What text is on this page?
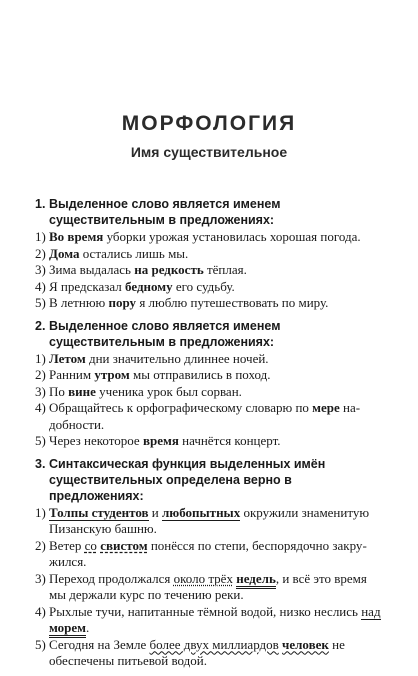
МОРФОЛОГИЯ
Имя существительное
1. Выделенное слово является именем существительным в предложениях:
1) Во время уборки урожая установилась хорошая погода.
2) Дома остались лишь мы.
3) Зима выдалась на редкость тёплая.
4) Я предсказал бедному его судьбу.
5) В летнюю пору я люблю путешествовать по миру.
2. Выделенное слово является именем существительным в предложениях:
1) Летом дни значительно длиннее ночей.
2) Ранним утром мы отправились в поход.
3) По вине ученика урок был сорван.
4) Обращайтесь к орфографическому словарю по мере надобности.
5) Через некоторое время начнётся концерт.
3. Синтаксическая функция выделенных имён существительных определена верно в предложениях:
1) Толпы студентов и любопытных окружили знаменитую Пизанскую башню.
2) Ветер со свистом понёсся по степи, беспорядочно закружился.
3) Переход продолжался около трёх недель, и всё это время мы держали курс по течению реки.
4) Рыхлые тучи, напитанные тёмной водой, низко неслись над морем.
5) Сегодня на Земле более двух миллиардов человек не обеспечены питьевой водой.
